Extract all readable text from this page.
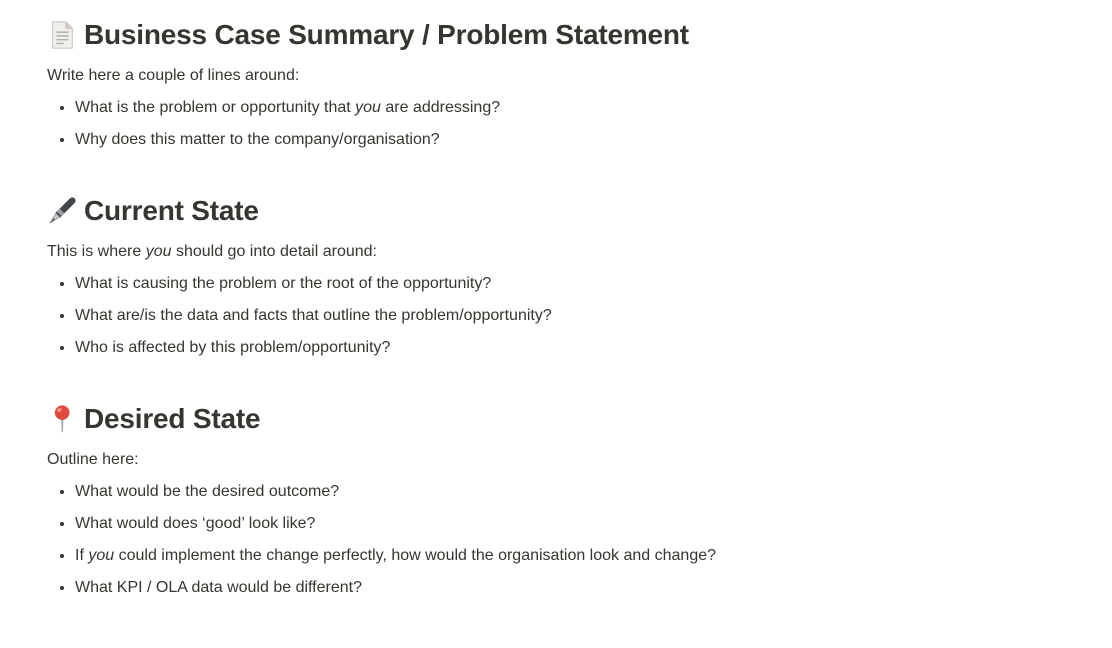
Business Case Summary / Problem Statement

Write here a couple of lines around:

• What is the problem or opportunity that you are addressing?
• Why does this matter to the company/organisation?
Current State

This is where you should go into detail around:

• What is causing the problem or the root of the opportunity?
• What are/is the data and facts that outline the problem/opportunity?
• Who is affected by this problem/opportunity?
Desired State

Outline here:

• What would be the desired outcome?
• What would does ‘good’ look like?
• If you could implement the change perfectly, how would the organisation look and change?
• What KPI / OLA data would be different?
